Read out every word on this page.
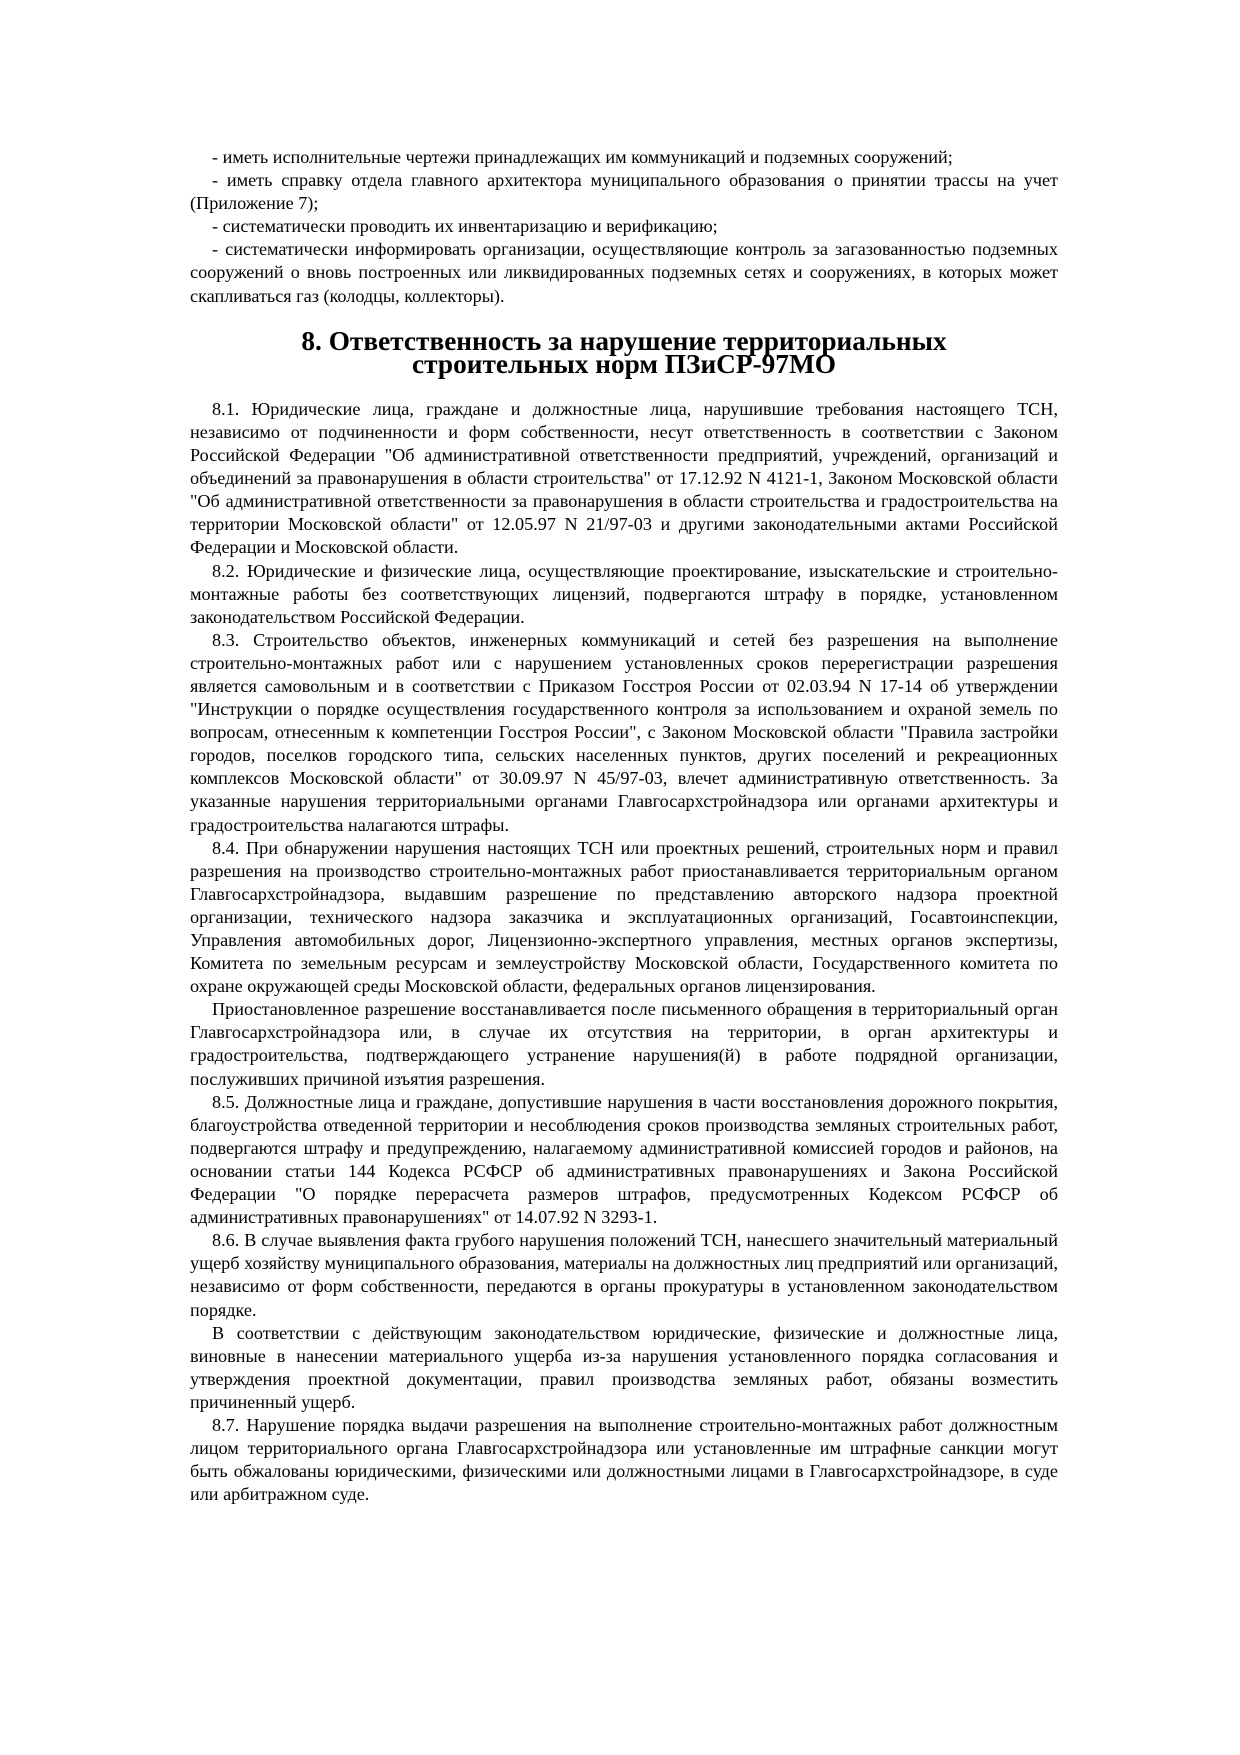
- иметь исполнительные чертежи принадлежащих им коммуникаций и подземных сооружений;

- иметь справку отдела главного архитектора муниципального образования о принятии трассы на учет (Приложение 7);

- систематически проводить их инвентаризацию и верификацию;

- систематически информировать организации, осуществляющие контроль за загазованностью подземных сооружений о вновь построенных или ликвидированных подземных сетях и сооружениях, в которых может скапливаться газ (колодцы, коллекторы).

8. Ответственность за нарушение территориальных
строительных норм ПЗиСР-97МО

8.1. Юридические лица, граждане и должностные лица, нарушившие требования настоящего ТСН, независимо от подчиненности и форм собственности, несут ответственность в соответствии с Законом Российской Федерации "Об административной ответственности предприятий, учреждений, организаций и объединений за правонарушения в области строительства" от 17.12.92 N 4121-1, Законом Московской области "Об административной ответственности за правонарушения в области строительства и градостроительства на территории Московской области" от 12.05.97 N 21/97-03 и другими законодательными актами Российской Федерации и Московской области.

8.2. Юридические и физические лица, осуществляющие проектирование, изыскательские и строительно-монтажные работы без соответствующих лицензий, подвергаются штрафу в порядке, установленном законодательством Российской Федерации.

8.3. Строительство объектов, инженерных коммуникаций и сетей без разрешения на выполнение строительно-монтажных работ или с нарушением установленных сроков перерегистрации разрешения является самовольным и в соответствии с Приказом Госстроя России от 02.03.94 N 17-14 об утверждении "Инструкции о порядке осуществления государственного контроля за использованием и охраной земель по вопросам, отнесенным к компетенции Госстроя России", с Законом Московской области "Правила застройки городов, поселков городского типа, сельских населенных пунктов, других поселений и рекреационных комплексов Московской области" от 30.09.97 N 45/97-03, влечет административную ответственность. За указанные нарушения территориальными органами Главгосархстройнадзора или органами архитектуры и градостроительства налагаются штрафы.

8.4. При обнаружении нарушения настоящих ТСН или проектных решений, строительных норм и правил разрешения на производство строительно-монтажных работ приостанавливается территориальным органом Главгосархстройнадзора, выдавшим разрешение по представлению авторского надзора проектной организации, технического надзора заказчика и эксплуатационных организаций, Госавтоинспекции, Управления автомобильных дорог, Лицензионно-экспертного управления, местных органов экспертизы, Комитета по земельным ресурсам и землеустройству Московской области, Государственного комитета по охране окружающей среды Московской области, федеральных органов лицензирования.

Приостановленное разрешение восстанавливается после письменного обращения в территориальный орган Главгосархстройнадзора или, в случае их отсутствия на территории, в орган архитектуры и градостроительства, подтверждающего устранение нарушения(й) в работе подрядной организации, послуживших причиной изъятия разрешения.

8.5. Должностные лица и граждане, допустившие нарушения в части восстановления дорожного покрытия, благоустройства отведенной территории и несоблюдения сроков производства земляных строительных работ, подвергаются штрафу и предупреждению, налагаемому административной комиссией городов и районов, на основании статьи 144 Кодекса РСФСР об административных правонарушениях и Закона Российской Федерации "О порядке перерасчета размеров штрафов, предусмотренных Кодексом РСФСР об административных правонарушениях" от 14.07.92 N 3293-1.

8.6. В случае выявления факта грубого нарушения положений ТСН, нанесшего значительный материальный ущерб хозяйству муниципального образования, материалы на должностных лиц предприятий или организаций, независимо от форм собственности, передаются в органы прокуратуры в установленном законодательством порядке.

В соответствии с действующим законодательством юридические, физические и должностные лица, виновные в нанесении материального ущерба из-за нарушения установленного порядка согласования и утверждения проектной документации, правил производства земляных работ, обязаны возместить причиненный ущерб.

8.7. Нарушение порядка выдачи разрешения на выполнение строительно-монтажных работ должностным лицом территориального органа Главгосархстройнадзора или установленные им штрафные санкции могут быть обжалованы юридическими, физическими или должностными лицами в Главгосархстройнадзоре, в суде или арбитражном суде.
